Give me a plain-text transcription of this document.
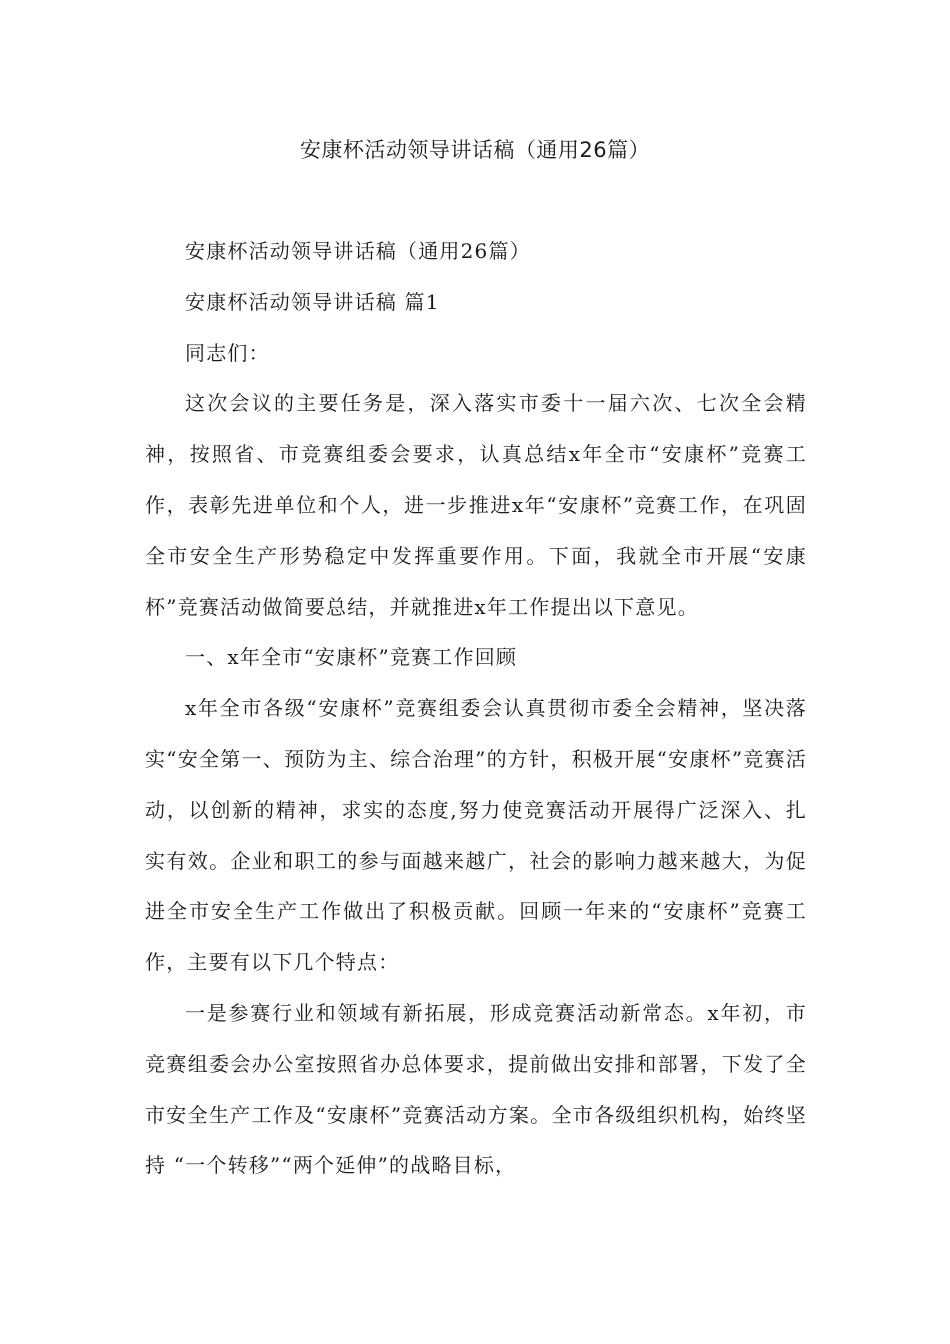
安康杯活动领导讲话稿（通用26篇）

安康杯活动领导讲话稿（通用26篇）

安康杯活动领导讲话稿 篇1

同志们：

这次会议的主要任务是，深入落实市委十一届六次、七次全会精神，按照省、市竞赛组委会要求，认真总结x年全市“安康杯”竞赛工作，表彰先进单位和个人，进一步推进x年“安康杯”竞赛工作，在巩固全市安全生产形势稳定中发挥重要作用。下面，我就全市开展“安康杯”竞赛活动做简要总结，并就推进x年工作提出以下意见。

一、x年全市“安康杯”竞赛工作回顾

x年全市各级“安康杯”竞赛组委会认真贯彻市委全会精神，坚决落实“安全第一、预防为主、综合治理”的方针，积极开展“安康杯”竞赛活动，以创新的精神，求实的态度,努力使竞赛活动开展得广泛深入、扎实有效。企业和职工的参与面越来越广，社会的影响力越来越大，为促进全市安全生产工作做出了积极贡献。回顾一年来的“安康杯”竞赛工作，主要有以下几个特点：

一是参赛行业和领域有新拓展，形成竞赛活动新常态。x年初，市竞赛组委会办公室按照省办总体要求，提前做出安排和部署，下发了全市安全生产工作及“安康杯”竞赛活动方案。全市各级组织机构，始终坚持 “一个转移”“两个延伸”的战略目标，
